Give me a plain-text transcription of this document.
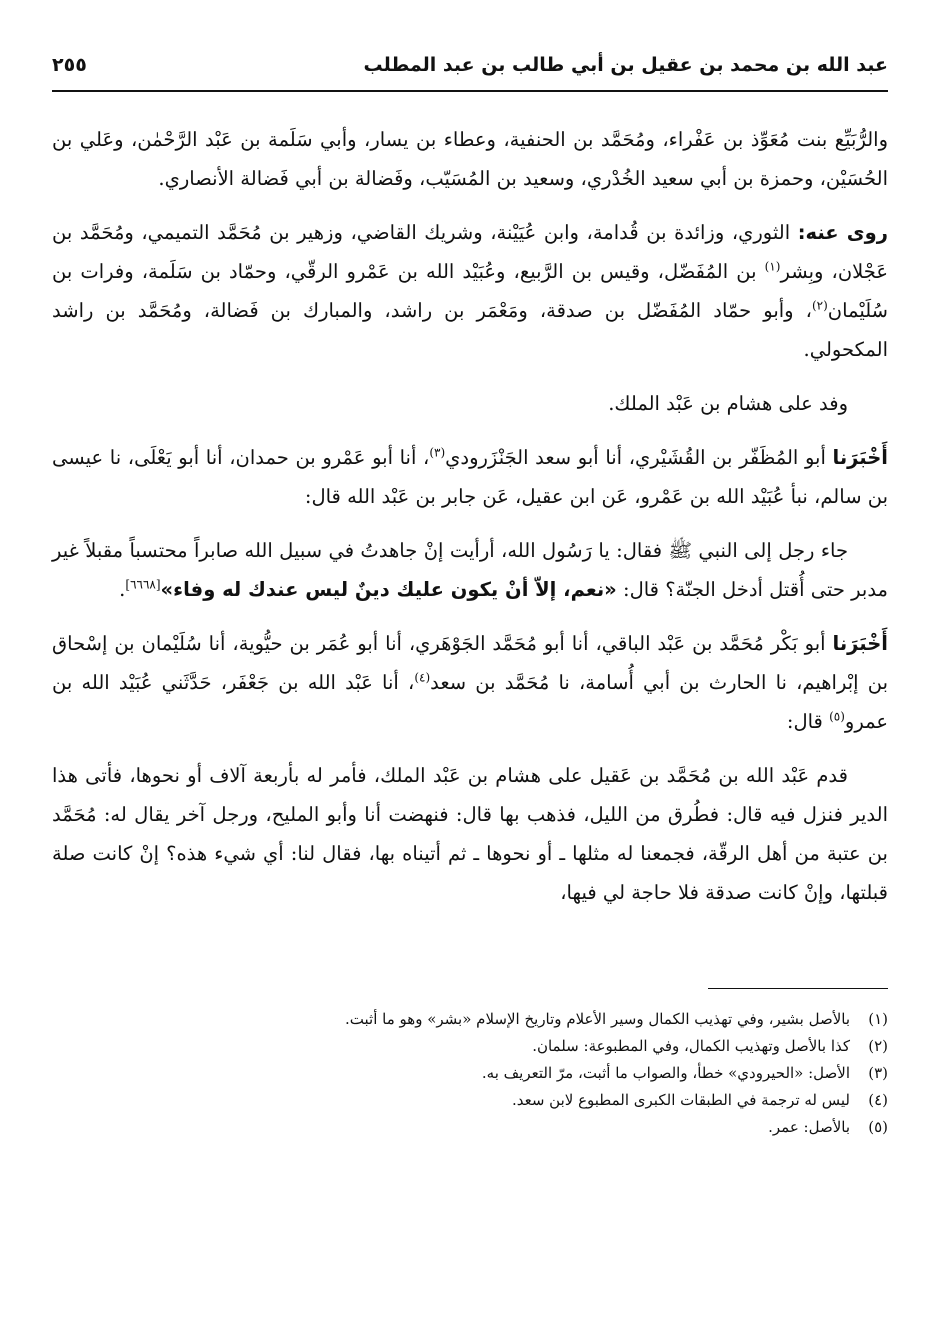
عبد الله بن محمد بن عقيل بن أبي طالب بن عبد المطلب
٢٥٥

والرُّبَيِّع بنت مُعَوِّذ بن عَفْراء، ومُحَمَّد بن الحنفية، وعطاء بن يسار، وأبي سَلَمة بن عَبْد الرَّحْمٰن، وعَلي بن الحُسَيْن، وحمزة بن أبي سعيد الخُدْري، وسعيد بن المُسَيّب، وفَضالة بن أبي فَضالة الأنصاري.

روى عنه: الثوري، وزائدة بن قُدامة، وابن عُيَيْنة، وشريك القاضي، وزهير بن مُحَمَّد التميمي، ومُحَمَّد بن عَجْلان، وبِشر$^{(١)}$ بن المُفَضّل، وقيس بن الرَّبيع، وعُبَيْد الله بن عَمْرو الرقّي، وحمّاد بن سَلَمة، وفرات بن سُلَيْمان$^{(٢)}$، وأبو حمّاد المُفَضّل بن صدقة، ومَعْمَر بن راشد، والمبارك بن فَضالة، ومُحَمَّد بن راشد المكحولي.

وفد على هشام بن عَبْد الملك.

أَخْبَرَنا أبو المُظَفّر بن القُشَيْري، أنا أبو سعد الجَنْزَرودي$^{(٣)}$، أنا أبو عَمْرو بن حمدان، أنا أبو يَعْلَى، نا عيسى بن سالم، نبأ عُبَيْد الله بن عَمْرو، عَن ابن عقيل، عَن جابر بن عَبْد الله قال:

جاء رجل إلى النبي ﷺ فقال: يا رَسُول الله، أرأيت إنْ جاهدتُ في سبيل الله صابراً محتسباً مقبلاً غير مدبر حتى أُقتل أدخل الجنّة؟ قال: «نعم، إلاّ أنْ يكون عليك دينٌ ليس عندك له وفاء»[٦٦٦٨].

أَخْبَرَنا أبو بَكْر مُحَمَّد بن عَبْد الباقي، أنا أبو مُحَمَّد الجَوْهَري، أنا أبو عُمَر بن حيُّوية، أنا سُلَيْمان بن إسْحاق بن إبْراهيم، نا الحارث بن أبي أُسامة، نا مُحَمَّد بن سعد$^{(٤)}$، أنا عَبْد الله بن جَعْفَر، حَدَّثَني عُبَيْد الله بن عمرو$^{(٥)}$ قال:

قدم عَبْد الله بن مُحَمَّد بن عَقيل على هشام بن عَبْد الملك، فأمر له بأربعة آلاف أو نحوها، فأتى هذا الدير فنزل فيه قال: فطُرق من الليل، فذهب بها قال: فنهضت أنا وأبو المليح، ورجل آخر يقال له: مُحَمَّد بن عتبة من أهل الرقّة، فجمعنا له مثلها ـ أو نحوها ـ ثم أتيناه بها، فقال لنا: أي شيء هذه؟ إنْ كانت صلة قبلتها، وإنْ كانت صدقة فلا حاجة لي فيها،

(١)
بالأصل بشير، وفي تهذيب الكمال وسير الأعلام وتاريخ الإسلام «بشر» وهو ما أثبت.
(٢)
كذا بالأصل وتهذيب الكمال، وفي المطبوعة: سلمان.
(٣)
الأصل: «الحيرودي» خطأ، والصواب ما أثبت، مرّ التعريف به.
(٤)
ليس له ترجمة في الطبقات الكبرى المطبوع لابن سعد.
(٥)
بالأصل: عمر.
